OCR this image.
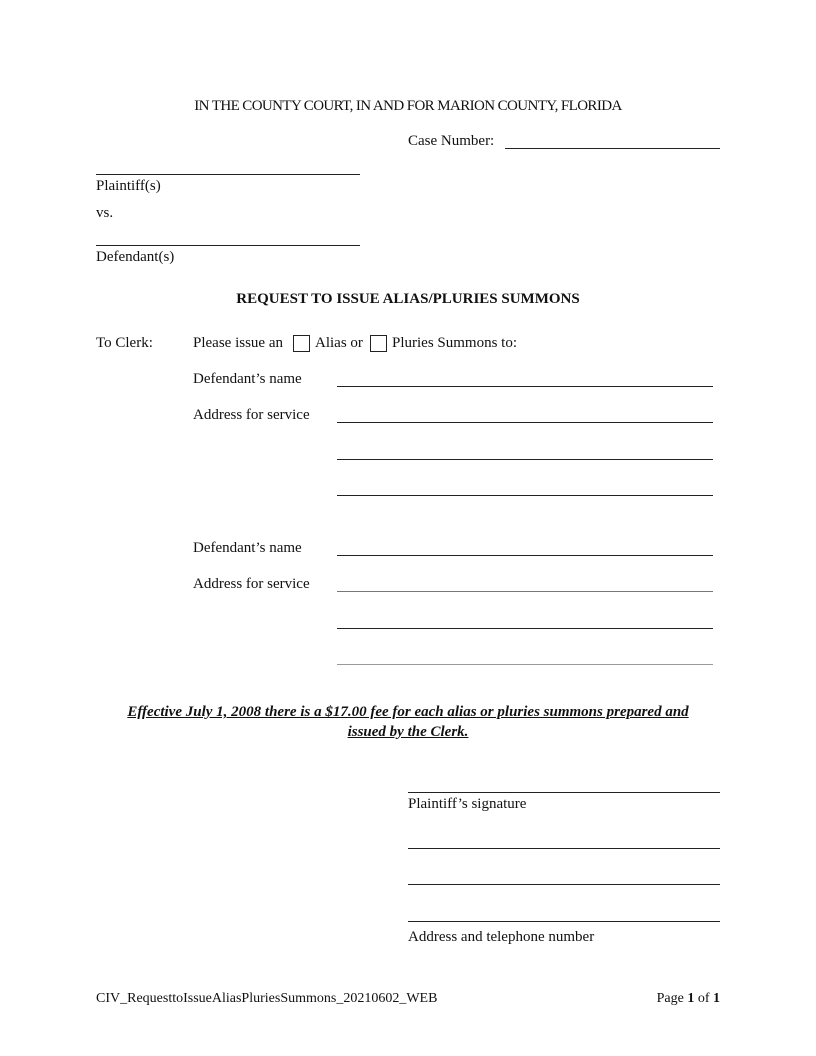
IN THE COUNTY COURT, IN AND FOR MARION COUNTY, FLORIDA
Case Number:
Plaintiff(s)
vs.
Defendant(s)
REQUEST TO ISSUE ALIAS/PLURIES SUMMONS
To Clerk:	Please issue an Alias or Pluries Summons to:
Defendant’s name
Address for service
Defendant’s name
Address for service
Effective July 1, 2008 there is a $17.00 fee for each alias or pluries summons prepared and
issued by the Clerk.
Plaintiff’s signature
Address and telephone number
CIV_RequesttoIssueAliasPluriesSummons_20210602_WEB	Page 1 of 1
